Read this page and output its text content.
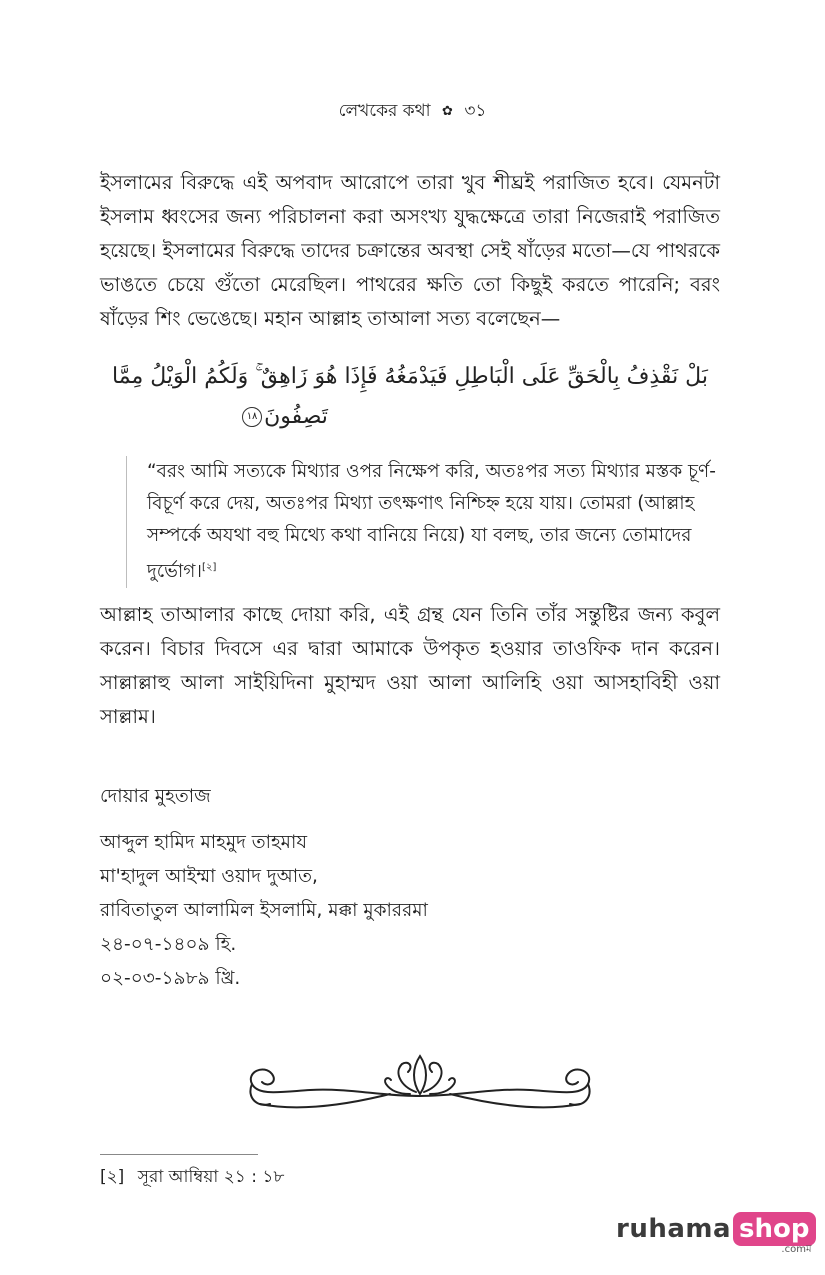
লেখকের কথা ✿ ৩১
ইসলামের বিরুদ্ধে এই অপবাদ আরোপে তারা খুব শীঘ্রই পরাজিত হবে। যেমনটা ইসলাম ধ্বংসের জন্য পরিচালনা করা অসংখ্য যুদ্ধক্ষেত্রে তারা নিজেরাই পরাজিত হয়েছে। ইসলামের বিরুদ্ধে তাদের চক্রান্তের অবস্থা সেই ষাঁড়ের মতো—যে পাথরকে ভাঙতে চেয়ে গুঁতো মেরেছিল। পাথরের ক্ষতি তো কিছুই করতে পারেনি; বরং ষাঁড়ের শিং ভেঙেছে। মহান আল্লাহ তাআলা সত্য বলেছেন—
بَلْ نَقْذِفُ بِالْحَقِّ عَلَى الْبَاطِلِ فَيَدْمَغُهُ فَإِذَا هُوَ زَاهِقٌ ۚ وَلَكُمُ الْوَيْلُ مِمَّا
تَصِفُونَ١٨
“বরং আমি সত্যকে মিথ্যার ওপর নিক্ষেপ করি, অতঃপর সত্য মিথ্যার মস্তক চূর্ণ-বিচূর্ণ করে দেয়, অতঃপর মিথ্যা তৎক্ষণাৎ নিশ্চিহ্ন হয়ে যায়। তোমরা (আল্লাহ সম্পর্কে অযথা বহু মিথ্যে কথা বানিয়ে নিয়ে) যা বলছ, তার জন্যে তোমাদের দুর্ভোগ।[২]
আল্লাহ তাআলার কাছে দোয়া করি, এই গ্রন্থ যেন তিনি তাঁর সন্তুষ্টির জন্য কবুল করেন। বিচার দিবসে এর দ্বারা আমাকে উপকৃত হওয়ার তাওফিক দান করেন। সাল্লাল্লাহু আলা সাইয়িদিনা মুহাম্মদ ওয়া আলা আলিহি ওয়া আসহাবিহী ওয়া সাল্লাম।
দোয়ার মুহতাজ
আব্দুল হামিদ মাহমুদ তাহমায
মা'হাদুল আইম্মা ওয়াদ দুআত,
রাবিতাতুল আলামিল ইসলামি, মক্কা মুকাররমা
২৪-০৭-১৪০৯ হি.
০২-০৩-১৯৮৯ খ্রি.
[২] সূরা আম্বিয়া ২১ : ১৮
ruhama shop
.comম
